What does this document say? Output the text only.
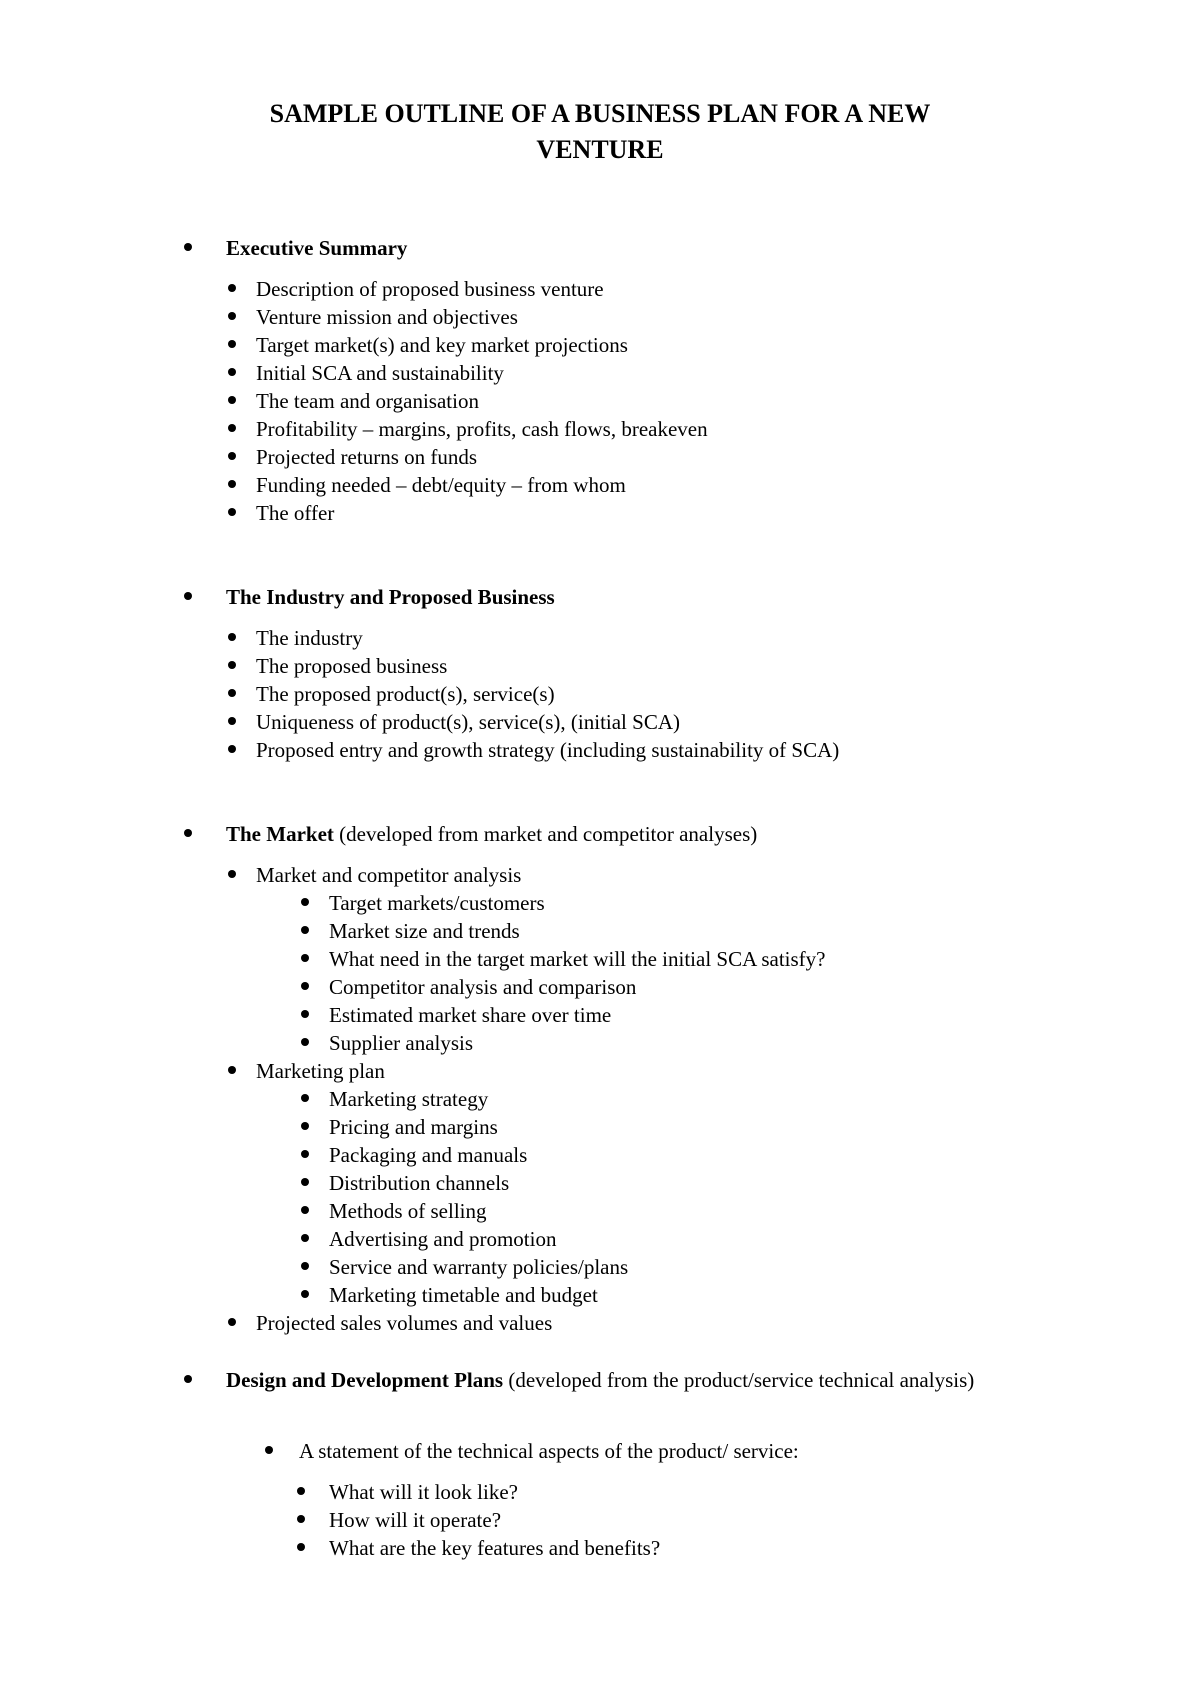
SAMPLE OUTLINE OF A BUSINESS PLAN FOR A NEW
VENTURE
Executive Summary
Description of proposed business venture
Venture mission and objectives
Target market(s) and key market projections
Initial SCA and sustainability
The team and organisation
Profitability – margins, profits, cash flows, breakeven
Projected returns on funds
Funding needed – debt/equity – from whom
The offer
The Industry and Proposed Business
The industry
The proposed business
The proposed product(s), service(s)
Uniqueness of product(s), service(s), (initial SCA)
Proposed entry and growth strategy (including sustainability of SCA)
The Market (developed from market and competitor analyses)
Market and competitor analysis
Target markets/customers
Market size and trends
What need in the target market will the initial SCA satisfy?
Competitor analysis and comparison
Estimated market share over time
Supplier analysis
Marketing plan
Marketing strategy
Pricing and margins
Packaging and manuals
Distribution channels
Methods of selling
Advertising and promotion
Service and warranty policies/plans
Marketing timetable and budget
Projected sales volumes and values
Design and Development Plans (developed from the product/service technical analysis)
A statement of the technical aspects of the product/ service:
What will it look like?
How will it operate?
What are the key features and benefits?
